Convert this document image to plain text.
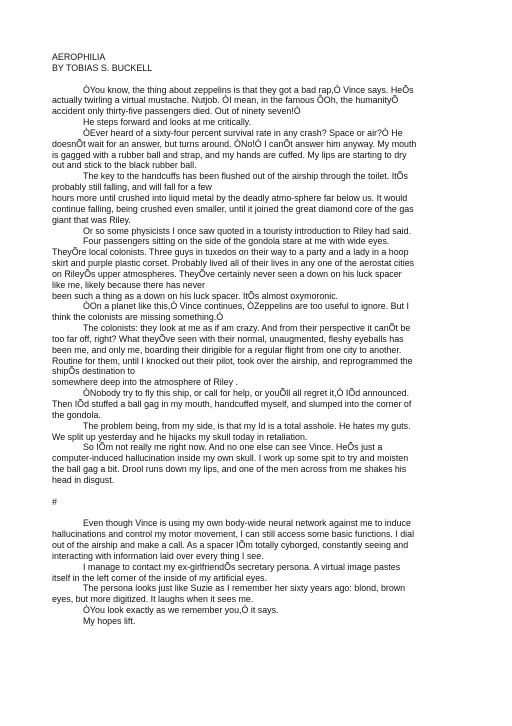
AEROPHILIA

BY TOBIAS S. BUCKELL

ÒYou know, the thing about zeppelins is that they got a bad rap,Ó Vince says. HeÕs

actually twirling a virtual mustache. Nutjob. ÒI mean, in the famous ÔOh, the humanityÕ

accident only thirty-five passengers died. Out of ninety seven!Ó

He steps forward and looks at me critically.

ÒEver heard of a sixty-four percent survival rate in any crash? Space or air?Ó He

doesnÕt wait for an answer, but turns around. ÒNo!Ó I canÕt answer him anyway. My mouth

is gagged with a rubber ball and strap, and my hands are cuffed. My lips are starting to dry

out and stick to the black rubber ball.

The key to the handcuffs has been flushed out of the airship through the toilet. ItÕs

probably still falling, and will fall for a few

hours more until crushed into liquid metal by the deadly atmo-sphere far below us. It would

continue falling, being crushed even smaller, until it joined the great diamond core of the gas

giant that was Riley.

Or so some physicists I once saw quoted in a touristy introduction to Riley had said.

Four passengers sitting on the side of the gondola stare at me with wide eyes.

TheyÕre local colonists. Three guys in tuxedos on their way to a party and a lady in a hoop

skirt and purple plastic corset. Probably lived all of their lives in any one of the aerostat cities

on RileyÕs upper atmospheres. TheyÕve certainly never seen a down on his luck spacer

like me, likely because there has never

been such a thing as a down on his luck spacer. ItÕs almost oxymoronic.

ÒOn a planet like this,Ó Vince continues, ÒZeppelins are too useful to ignore. But I

think the colonists are missing something.Ó

The colonists: they look at me as if am crazy. And from their perspective it canÕt be

too far off, right? What theyÕve seen with their normal, unaugmented, fleshy eyeballs has

been me, and only me, boarding their dirigible for a regular flight from one city to another.

Routine for them, until I knocked out their pilot, took over the airship, and reprogrammed the

shipÕs destination to

somewhere deep into the atmosphere of Riley .

ÒNobody try to fly this ship, or call for help, or youÕll all regret it,Ó IÕd announced.

Then IÕd stuffed a ball gag in my mouth, handcuffed myself, and slumped into the corner of

the gondola.

The problem being, from my side, is that my Id is a total asshole. He hates my guts.

We split up yesterday and he hijacks my skull today in retaliation.

So IÕm not really me right now. And no one else can see Vince. HeÕs just a

computer-induced hallucination inside my own skull. I work up some spit to try and moisten

the ball gag a bit. Drool runs down my lips, and one of the men across from me shakes his

head in disgust.

#

Even though Vince is using my own body-wide neural network against me to induce

hallucinations and control my motor movement, I can still access some basic functions. I dial

out of the airship and make a call. As a spacer IÕm totally cyborged, constantly seeing and

interacting with information laid over every thing I see.

I manage to contact my ex-girlfriendÕs secretary persona. A virtual image pastes

itself in the left corner of the inside of my artificial eyes.

The persona looks just like Suzie as I remember her sixty years ago: blond, brown

eyes, but more digitized. It laughs when it sees me.

ÒYou look exactly as we remember you,Ó it says.

My hopes lift.
